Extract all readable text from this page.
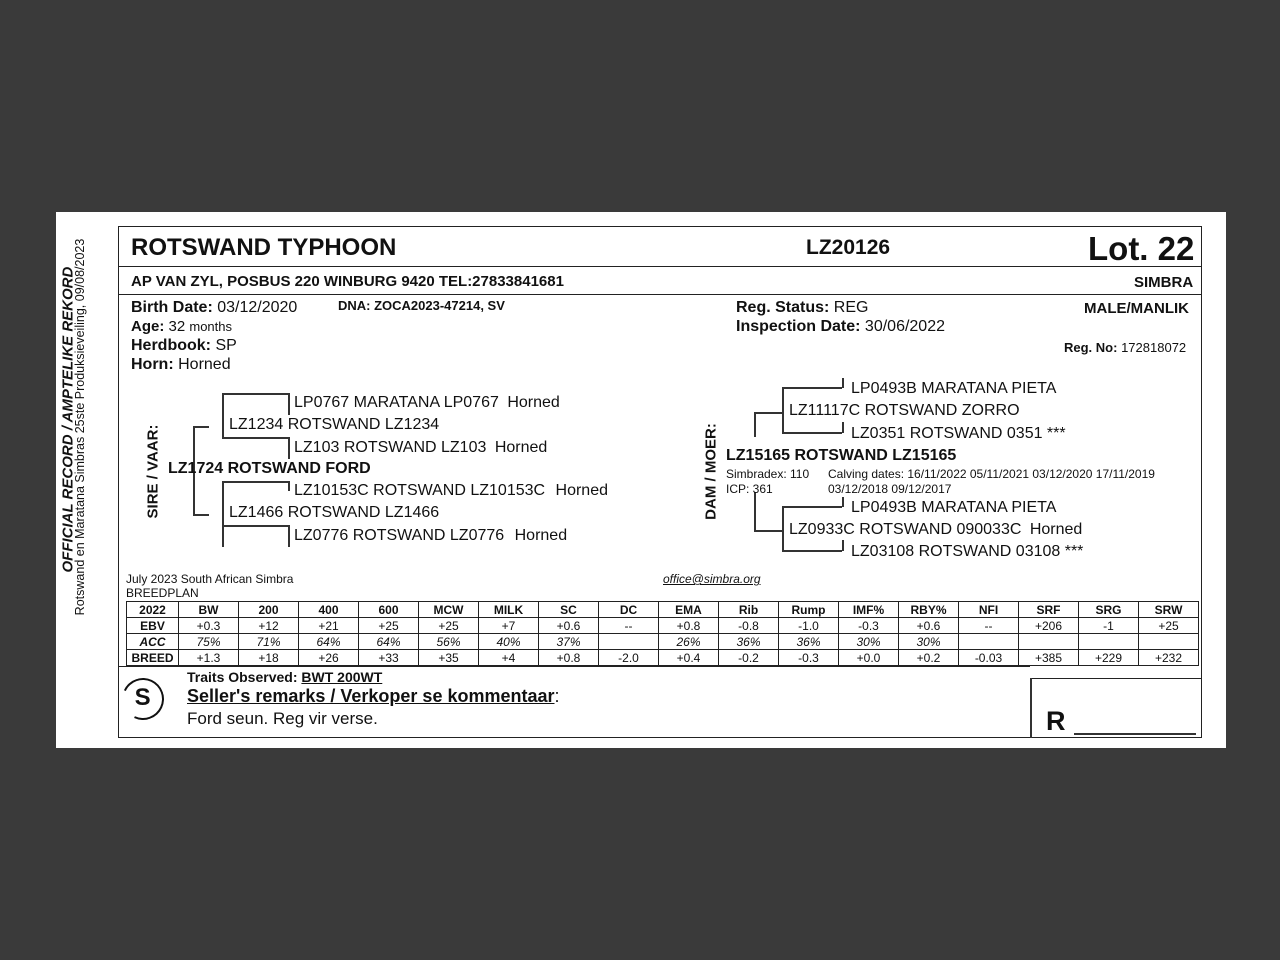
OFFICIAL RECORD / AMPTELIKE REKORD
Rotswand en Maratana Simbras 25ste Produksieveiling, 09/08/2023 ROTSWAND TYPHOON	LZ20126	Lot. 22
AP VAN ZYL, POSBUS 220 WINBURG 9420 TEL:27833841681	SIMBRA
Birth Date: 03/12/2020	DNA: ZOCA2023-47214, SV
Age: 32 months
Herdbook: SP
Horn: Horned
Reg. Status: REG
Inspection Date: 30/06/2022
MALE/MANLIK
Reg. No: 172818072
SIRE / VAAR:
LP0767 MARATANA LP0767 Horned
LZ1234 ROTSWAND LZ1234
LZ103 ROTSWAND LZ103 Horned
LZ1724 ROTSWAND FORD
LZ10153C ROTSWAND LZ10153C Horned
LZ1466 ROTSWAND LZ1466
LZ0776 ROTSWAND LZ0776 Horned
DAM / MOER:
LP0493B MARATANA PIETA
LZ11117C ROTSWAND ZORRO
LZ0351 ROTSWAND 0351 ***
LZ15165 ROTSWAND LZ15165
Simbradex: 110
ICP: 361
Calving dates: 16/11/2022 05/11/2021 03/12/2020 17/11/2019
03/12/2018 09/12/2017
LP0493B MARATANA PIETA
LZ0933C ROTSWAND 090033C Horned
LZ03108 ROTSWAND 03108 ***
July 2023 South African Simbra
BREEDPLAN
office@simbra.org
2022	BW	200	400	600	MCW	MILK	SC	DC	EMA	Rib	Rump	IMF%	RBY%	NFI	SRF	SRG	SRW
EBV	+0.3	+12	+21	+25	+25	+7	+0.6	--	+0.8	-0.8	-1.0	-0.3	+0.6	--	+206	-1	+25
ACC	75%	71%	64%	64%	56%	40%	37%		26%	36%	36%	30%	30%				
BREED	+1.3	+18	+26	+33	+35	+4	+0.8	-2.0	+0.4	-0.2	-0.3	+0.0	+0.2	-0.03	+385	+229	+232
S
Traits Observed: BWT 200WT
Seller's remarks / Verkoper se kommentaar:
Ford seun. Reg vir verse.	R
